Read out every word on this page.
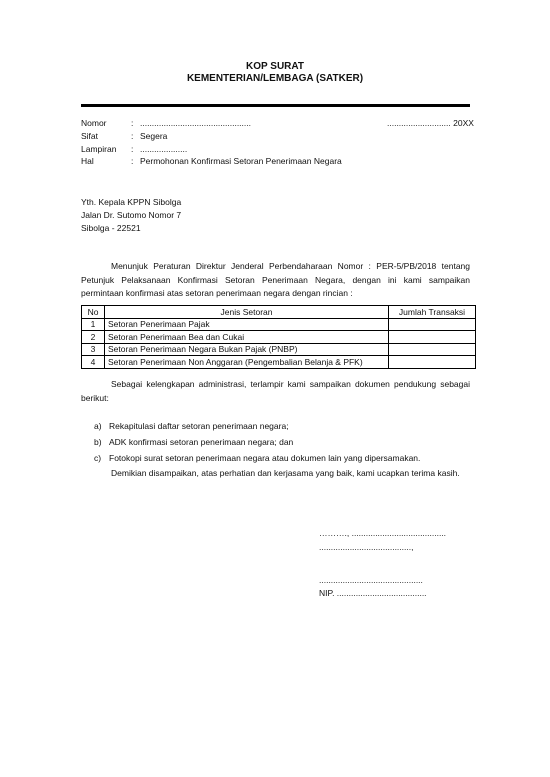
KOP SURAT
KEMENTERIAN/LEMBAGA (SATKER)
Nomor	: ...............................................	........................... 20XX
Sifat	: Segera
Lampiran : ....................
Hal	: Permohonan Konfirmasi Setoran Penerimaan Negara
Yth. Kepala KPPN Sibolga
Jalan Dr. Sutomo Nomor 7
Sibolga - 22521
Menunjuk Peraturan Direktur Jenderal Perbendaharaan Nomor : PER-5/PB/2018 tentang Petunjuk Pelaksanaan Konfirmasi Setoran Penerimaan Negara, dengan ini kami sampaikan permintaan konfirmasi atas setoran penerimaan negara dengan rincian :
No	Jenis Setoran	Jumlah Transaksi
1	Setoran Penerimaan Pajak	
2	Setoran Penerimaan Bea dan Cukai	
3	Setoran Penerimaan Negara Bukan Pajak (PNBP)	
4	Setoran Penerimaan Non Anggaran (Pengembalian Belanja & PFK)	
Sebagai kelengkapan administrasi, terlampir kami sampaikan dokumen pendukung sebagai berikut:
a) Rekapitulasi daftar setoran penerimaan negara;
b) ADK konfirmasi setoran penerimaan negara; dan
c) Fotokopi surat setoran penerimaan negara atau dokumen lain yang dipersamakan.
Demikian disampaikan, atas perhatian dan kerjasama yang baik, kami ucapkan terima kasih.
………., ........................................
.......................................,
............................................
NIP. ......................................
